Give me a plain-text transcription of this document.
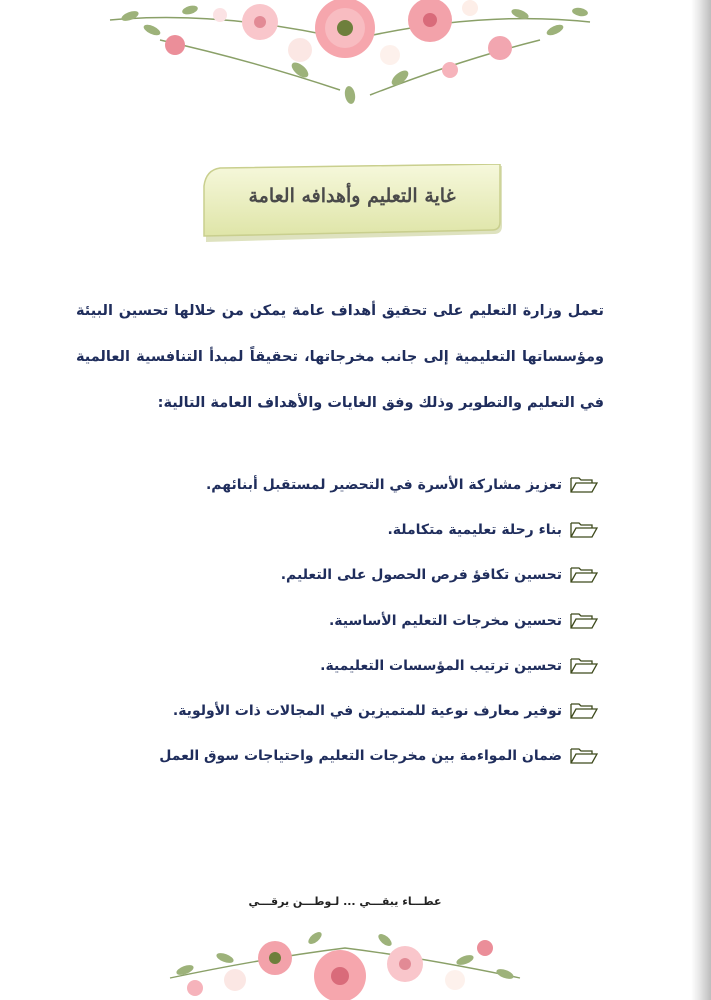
غاية التعليم وأهدافه العامة

تعمل وزارة التعليم على تحقيق أهداف عامة يمكن من خلالها تحسين البيئة ومؤسساتها التعليمية إلى جانب مخرجاتها، تحقيقاً لمبدأ التنافسية العالمية في التعليم والتطوير وذلك وفق الغايات والأهداف العامة التالية:

تعزيز مشاركة الأسرة في التحضير لمستقبل أبنائهم.
بناء رحلة تعليمية متكاملة.
تحسين تكافؤ فرص الحصول على التعليم.
تحسين مخرجات التعليم الأساسية.
تحسين ترتيب المؤسسات التعليمية.
توفير معارف نوعية للمتميزين في المجالات ذات الأولوية.
ضمان المواءمة بين مخرجات التعليم واحتياجات سوق العمل
عطـــاء يبقـــي ... لـوطـــن يرقـــي
